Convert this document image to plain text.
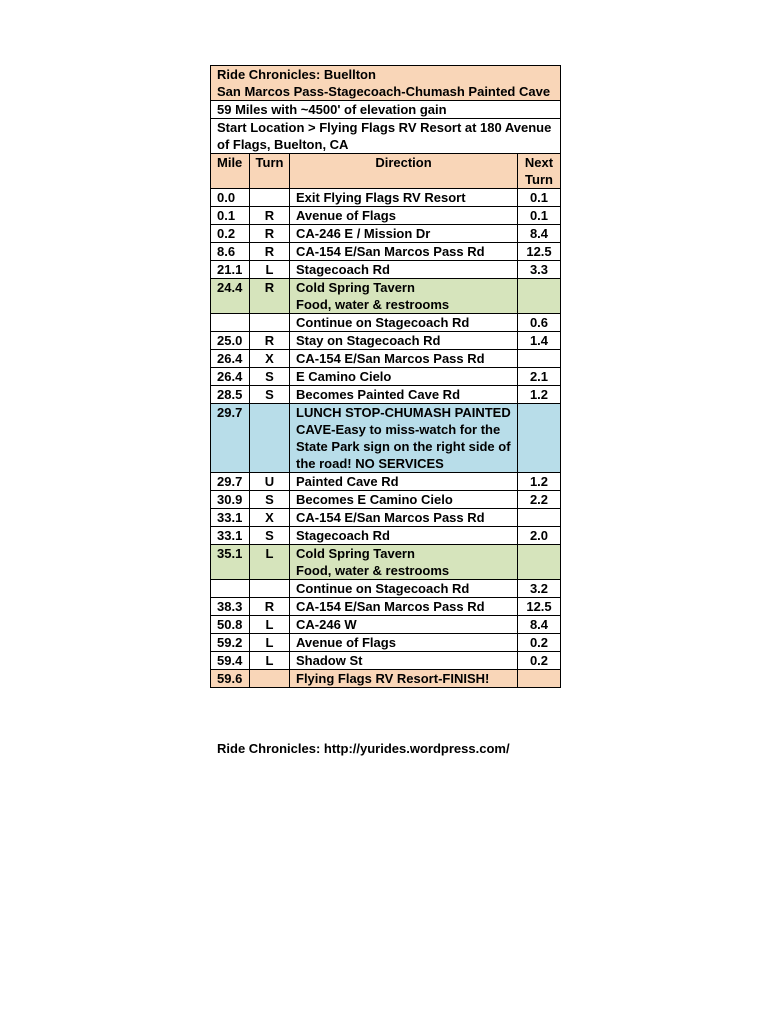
Ride Chronicles: Buellton
San Marcos Pass-Stagecoach-Chumash Painted Cave			

59 Miles with ~4500' of elevation gain			
Start Location > Flying Flags RV Resort at 180 Avenue of Flags, Buelton, CA			
Mile	Turn	Direction	Next Turn
0.0		Exit Flying Flags RV Resort	0.1
0.1	R	Avenue of Flags	0.1
0.2	R	CA-246 E / Mission Dr	8.4
8.6	R	CA-154 E/San Marcos Pass Rd	12.5
21.1	L	Stagecoach Rd	3.3
24.4	R	Cold Spring Tavern
Food, water & restrooms	
		Continue on Stagecoach Rd	0.6
25.0	R	Stay on Stagecoach Rd	1.4
26.4	X	CA-154 E/San Marcos Pass Rd	
26.4	S	E Camino Cielo	2.1
28.5	S	Becomes Painted Cave Rd	1.2
29.7		LUNCH STOP-CHUMASH PAINTED CAVE-Easy to miss-watch for the State Park sign on the right side of the road! NO SERVICES	
29.7	U	Painted Cave Rd	1.2
30.9	S	Becomes E Camino Cielo	2.2
33.1	X	CA-154 E/San Marcos Pass Rd	
33.1	S	Stagecoach Rd	2.0
35.1	L	Cold Spring Tavern
Food, water & restrooms	
		Continue on Stagecoach Rd	3.2
38.3	R	CA-154 E/San Marcos Pass Rd	12.5
50.8	L	CA-246 W	8.4
59.2	L	Avenue of Flags	0.2
59.4	L	Shadow St	0.2
59.6		Flying Flags RV Resort-FINISH!	
Ride Chronicles: http://yurides.wordpress.com/
